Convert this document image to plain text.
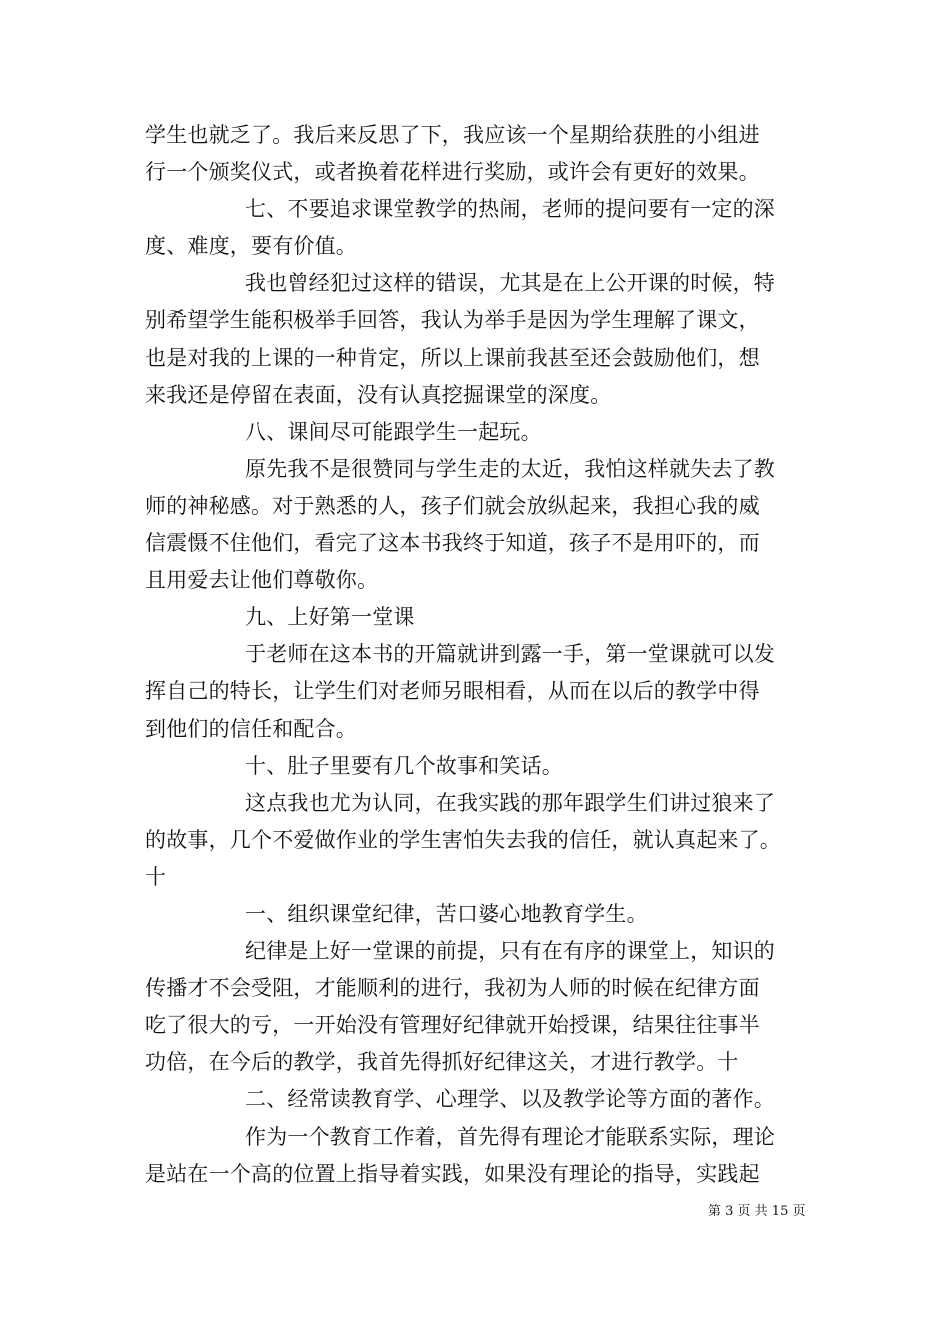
学生也就乏了。我后来反思了下，我应该一个星期给获胜的小组进
行一个颁奖仪式，或者换着花样进行奖励，或许会有更好的效果。
七、不要追求课堂教学的热闹，老师的提问要有一定的深
度、难度，要有价值。
我也曾经犯过这样的错误，尤其是在上公开课的时候，特
别希望学生能积极举手回答，我认为举手是因为学生理解了课文，
也是对我的上课的一种肯定，所以上课前我甚至还会鼓励他们，想
来我还是停留在表面，没有认真挖掘课堂的深度。
八、课间尽可能跟学生一起玩。
原先我不是很赞同与学生走的太近，我怕这样就失去了教
师的神秘感。对于熟悉的人，孩子们就会放纵起来，我担心我的威
信震慑不住他们，看完了这本书我终于知道，孩子不是用吓的，而
且用爱去让他们尊敬你。
九、上好第一堂课
于老师在这本书的开篇就讲到露一手，第一堂课就可以发
挥自己的特长，让学生们对老师另眼相看，从而在以后的教学中得
到他们的信任和配合。
十、肚子里要有几个故事和笑话。
这点我也尤为认同，在我实践的那年跟学生们讲过狼来了
的故事，几个不爱做作业的学生害怕失去我的信任，就认真起来了。
十
一、组织课堂纪律，苦口婆心地教育学生。
纪律是上好一堂课的前提，只有在有序的课堂上，知识的
传播才不会受阻，才能顺利的进行，我初为人师的时候在纪律方面
吃了很大的亏，一开始没有管理好纪律就开始授课，结果往往事半
功倍，在今后的教学，我首先得抓好纪律这关，才进行教学。十
二、经常读教育学、心理学、以及教学论等方面的著作。
作为一个教育工作着，首先得有理论才能联系实际，理论
是站在一个高的位置上指导着实践，如果没有理论的指导，实践起
第 3 页 共 15 页
